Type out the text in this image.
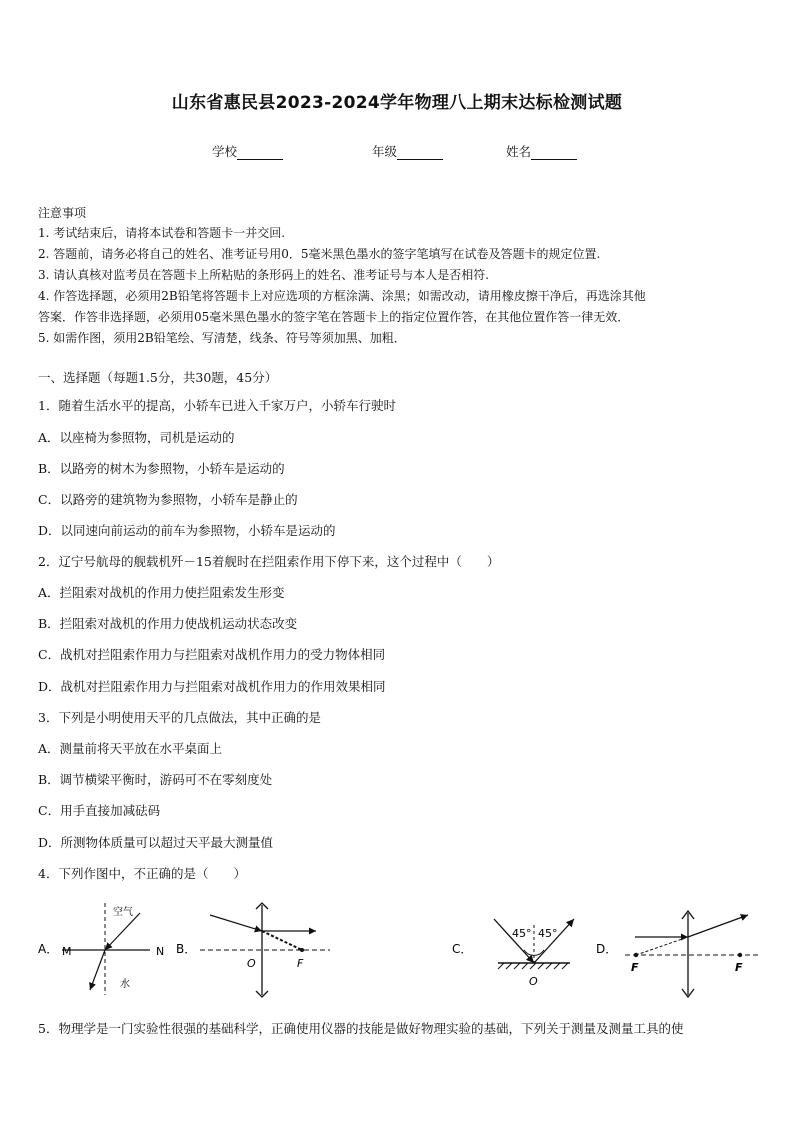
山东省惠民县2023-2024学年物理八上期末达标检测试题
学校	年级	姓名
注意事项
1. 考试结束后，请将本试卷和答题卡一并交回.
2. 答题前，请务必将自己的姓名、准考证号用0．5毫米黑色墨水的签字笔填写在试卷及答题卡的规定位置.
3. 请认真核对监考员在答题卡上所粘贴的条形码上的姓名、准考证号与本人是否相符.
4. 作答选择题，必须用2B铅笔将答题卡上对应选项的方框涂满、涂黑；如需改动，请用橡皮擦干净后，再选涂其他
答案．作答非选择题，必须用05毫米黑色墨水的签字笔在答题卡上的指定位置作答，在其他位置作答一律无效．
5. 如需作图，须用2B铅笔绘、写清楚，线条、符号等须加黑、加粗．
一、选择题（每题1.5分，共30题，45分）
1．随着生活水平的提高，小轿车已进入千家万户，小轿车行驶时
A．以座椅为参照物，司机是运动的
B．以路旁的树木为参照物，小轿车是运动的
C．以路旁的建筑物为参照物，小轿车是静止的
D．以同速向前运动的前车为参照物，小轿车是运动的
2．辽宁号航母的舰载机歼－15着舰时在拦阻索作用下停下来，这个过程中（　　）
A．拦阻索对战机的作用力使拦阻索发生形变
B．拦阻索对战机的作用力使战机运动状态改变
C．战机对拦阻索作用力与拦阻索对战机作用力的受力物体相同
D．战机对拦阻索作用力与拦阻索对战机作用力的作用效果相同
3．下列是小明使用天平的几点做法，其中正确的是
A．测量前将天平放在水平桌面上
B．调节横梁平衡时，游码可不在零刻度处
C．用手直接加减砝码
D．所测物体质量可以超过天平最大测量值
4．下列作图中，不正确的是（　　）
A． M	N
空气
水
B．
O	F
C．
45° 45°
O
D．
F	F
5．物理学是一门实验性很强的基础科学，正确使用仪器的技能是做好物理实验的基础，下列关于测量及测量工具的使
